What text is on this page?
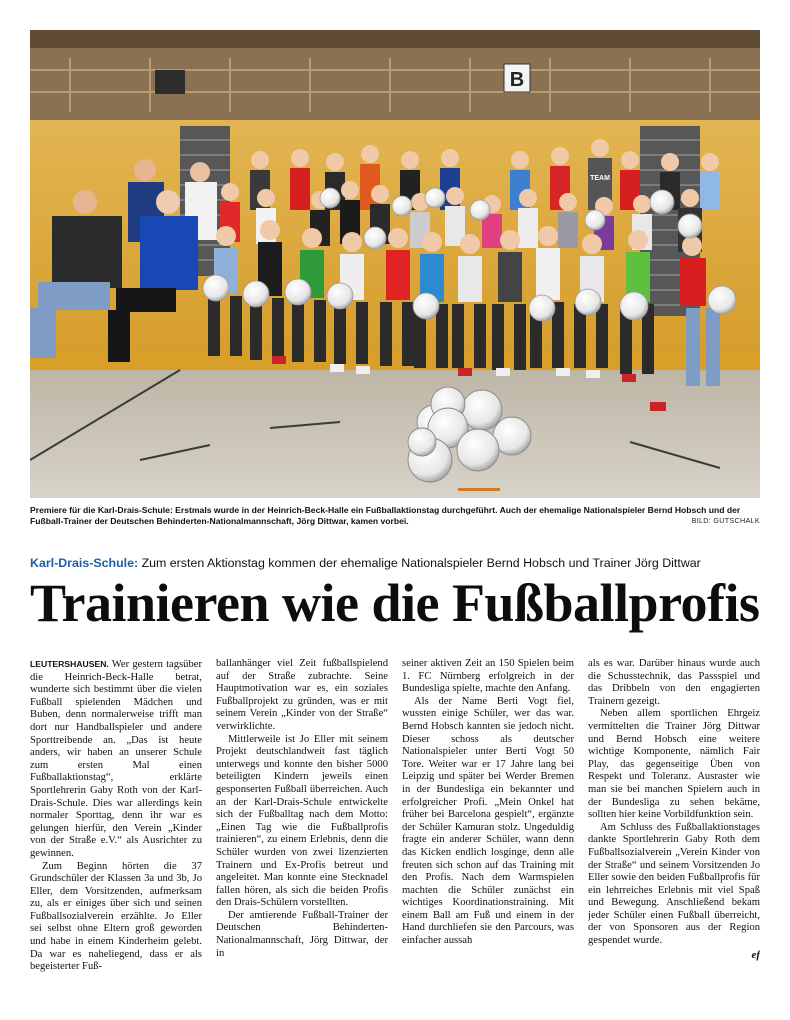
B
TEAM
Premiere für die Karl-Drais-Schule: Erstmals wurde in der Heinrich-Beck-Halle ein Fußballaktionstag durchgeführt. Auch der ehemalige Nationalspieler Bernd Hobsch und der Fußball-Trainer der Deutschen Behinderten-Nationalmannschaft, Jörg Dittwar, kamen vorbei.	BILD: GUTSCHALK
Karl-Drais-Schule: Zum ersten Aktionstag kommen der ehemalige Nationalspieler Bernd Hobsch und Trainer Jörg Dittwar
Trainieren wie die Fußballprofis

LEUTERSHAUSEN. Wer gestern tagsüber die Heinrich-Beck-Halle betrat, wunderte sich bestimmt über die vielen Fußball spielenden Mädchen und Buben, denn normalerweise trifft man dort nur Handballspieler und andere Sporttreibende an. „Das ist heute anders, wir haben an unserer Schule zum ersten Mal einen Fußballaktionstag“, erklärte Sportlehrerin Gaby Roth von der Karl-Drais-Schule. Dies war allerdings kein normaler Sporttag, denn ihr war es gelungen hierfür, den Verein „Kinder von der Straße e.V.“ als Ausrichter zu gewinnen.

Zum Beginn hörten die 37 Grundschüler der Klassen 3a und 3b, Jo Eller, dem Vorsitzenden, aufmerksam zu, als er einiges über sich und seinen Fußballsozialverein erzählte. Jo Eller sei selbst ohne Eltern groß geworden und habe in einem Kinderheim gelebt. Da war es naheliegend, dass er als begeisterter Fuß-

ballanhänger viel Zeit fußballspielend auf der Straße zubrachte. Seine Hauptmotivation war es, ein soziales Fußballprojekt zu gründen, was er mit seinem Verein „Kinder von der Straße“ verwirklichte.

Mittlerweile ist Jo Eller mit seinem Projekt deutschlandweit fast täglich unterwegs und konnte den bisher 5000 beteiligten Kindern jeweils einen gesponserten Fußball überreichen. Auch an der Karl-Drais-Schule entwickelte sich der Fußballtag nach dem Motto: „Einen Tag wie die Fußballprofis trainieren“, zu einem Erlebnis, denn die Schüler wurden von zwei lizenzierten Trainern und Ex-Profis betreut und angeleitet. Man konnte eine Stecknadel fallen hören, als sich die beiden Profis den Drais-Schülern vorstellten.

Der amtierende Fußball-Trainer der Deutschen Behinderten-Nationalmannschaft, Jörg Dittwar, der in

seiner aktiven Zeit an 150 Spielen beim 1. FC Nürnberg erfolgreich in der Bundesliga spielte, machte den Anfang.

Als der Name Berti Vogt fiel, wussten einige Schüler, wer das war. Bernd Hobsch kannten sie jedoch nicht. Dieser schoss als deutscher Nationalspieler unter Berti Vogt 50 Tore. Weiter war er 17 Jahre lang bei Leipzig und später bei Werder Bremen in der Bundesliga ein bekannter und erfolgreicher Profi. „Mein Onkel hat früher bei Barcelona gespielt“, ergänzte der Schüler Kamuran stolz. Ungeduldig fragte ein anderer Schüler, wann denn das Kicken endlich losginge, denn alle freuten sich schon auf das Training mit den Profis. Nach dem Warmspielen machten die Schüler zunächst ein wichtiges Koordinationstraining. Mit einem Ball am Fuß und einem in der Hand durchliefen sie den Parcours, was einfacher aussah

als es war. Darüber hinaus wurde auch die Schusstechnik, das Passspiel und das Dribbeln von den engagierten Trainern gezeigt.

Neben allem sportlichen Ehrgeiz vermittelten die Trainer Jörg Dittwar und Bernd Hobsch eine weitere wichtige Komponente, nämlich Fair Play, das gegenseitige Üben von Respekt und Toleranz. Ausraster wie man sie bei manchen Spielern auch in der Bundesliga zu sehen bekäme, sollten hier keine Vorbildfunktion sein.

Am Schluss des Fußballaktionstages dankte Sportlehrerin Gaby Roth dem Fußballsozialverein „Verein Kinder von der Straße“ und seinem Vorsitzenden Jo Eller sowie den beiden Fußballprofis für ein lehrreiches Erlebnis mit viel Spaß und Bewegung. Anschließend bekam jeder Schüler einen Fußball überreicht, der von Sponsoren aus der Region gespendet wurde.

ef
